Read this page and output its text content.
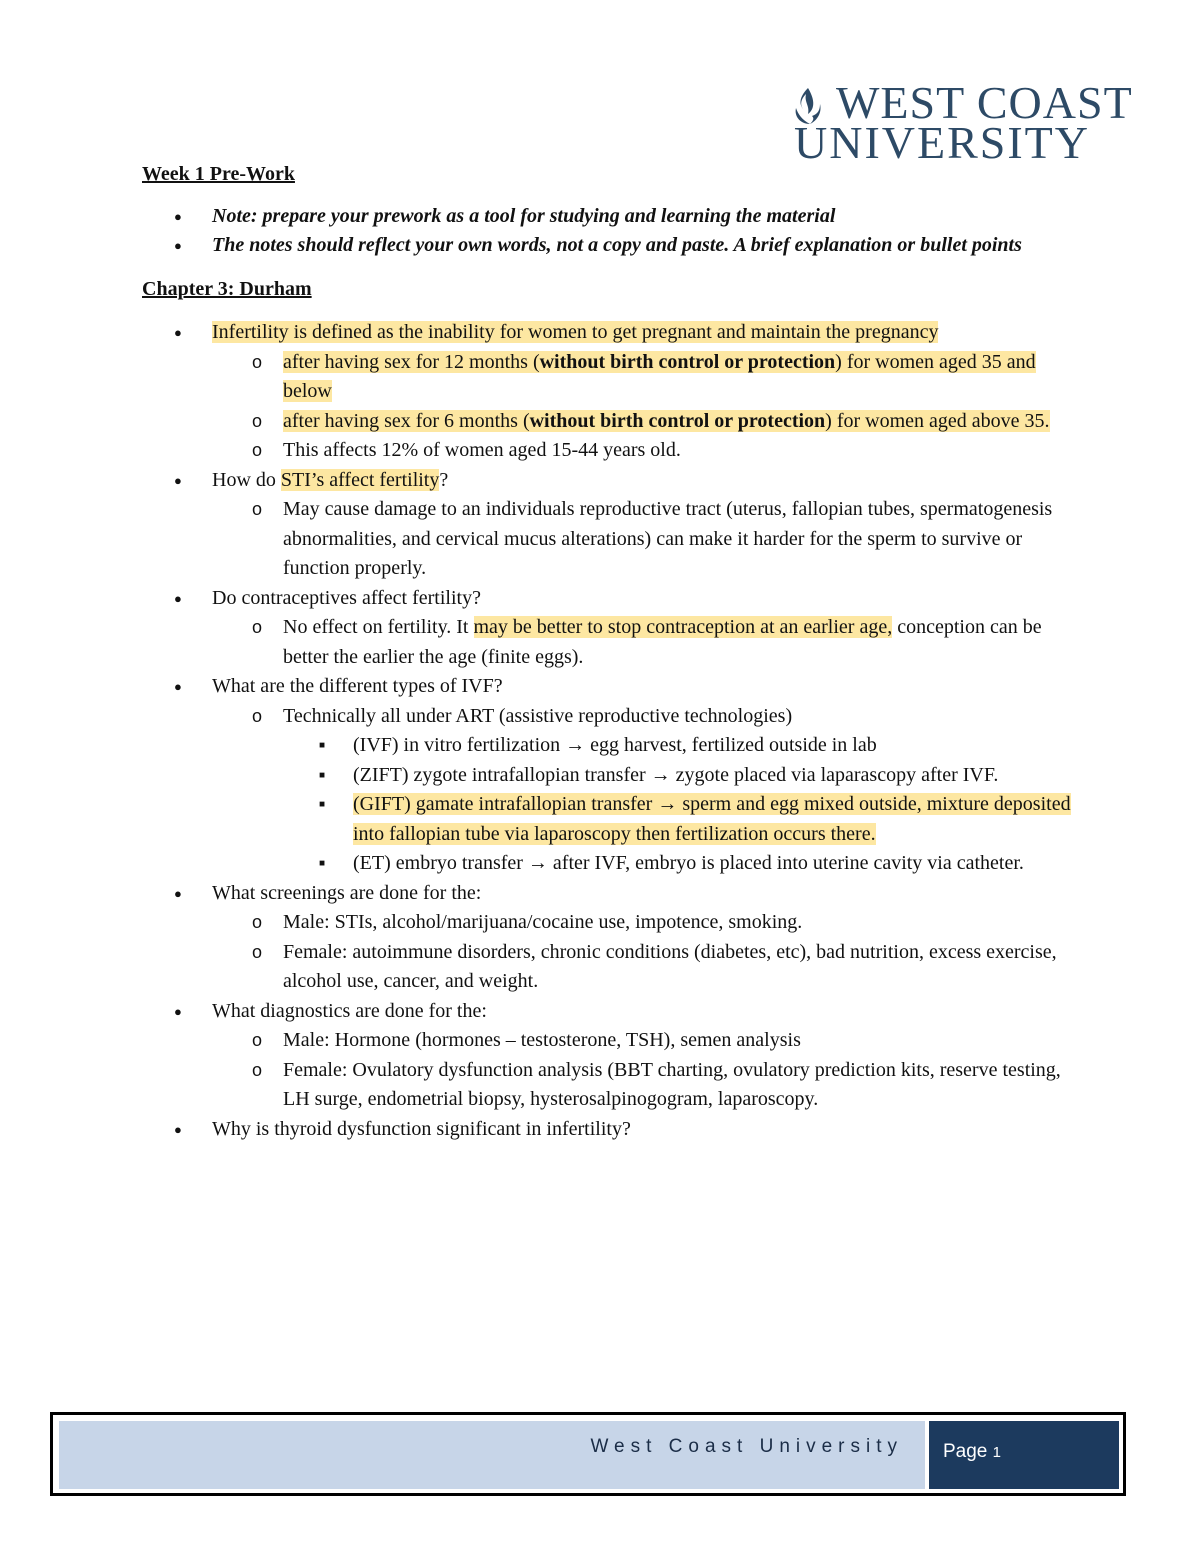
WEST COAST
UNIVERSITY

Week 1 Pre-Work

● Note: prepare your prework as a tool for studying and learning the material
● The notes should reflect your own words, not a copy and paste. A brief explanation or bullet points

Chapter 3: Durham

● Infertility is defined as the inability for women to get pregnant and maintain the pregnancy
o after having sex for 12 months (without birth control or protection) for women aged 35 and below
o after having sex for 6 months (without birth control or protection) for women aged above 35.
o This affects 12% of women aged 15-44 years old.
● How do STI’s affect fertility?
o May cause damage to an individuals reproductive tract (uterus, fallopian tubes, spermatogenesis abnormalities, and cervical mucus alterations) can make it harder for the sperm to survive or function properly.
● Do contraceptives affect fertility?
o No effect on fertility. It may be better to stop contraception at an earlier age, conception can be better the earlier the age (finite eggs).
● What are the different types of IVF?
o Technically all under ART (assistive reproductive technologies)
■ (IVF) in vitro fertilization → egg harvest, fertilized outside in lab
■ (ZIFT) zygote intrafallopian transfer → zygote placed via laparascopy after IVF.
■ (GIFT) gamate intrafallopian transfer → sperm and egg mixed outside, mixture deposited into fallopian tube via laparoscopy then fertilization occurs there.
■ (ET) embryo transfer → after IVF, embryo is placed into uterine cavity via catheter.
● What screenings are done for the:
o Male: STIs, alcohol/marijuana/cocaine use, impotence, smoking.
o Female: autoimmune disorders, chronic conditions (diabetes, etc), bad nutrition, excess exercise, alcohol use, cancer, and weight.
● What diagnostics are done for the:
o Male: Hormone (hormones – testosterone, TSH), semen analysis
o Female: Ovulatory dysfunction analysis (BBT charting, ovulatory prediction kits, reserve testing, LH surge, endometrial biopsy, hysterosalpinogogram, laparoscopy.
● Why is thyroid dysfunction significant in infertility?
West Coast University Page 1
